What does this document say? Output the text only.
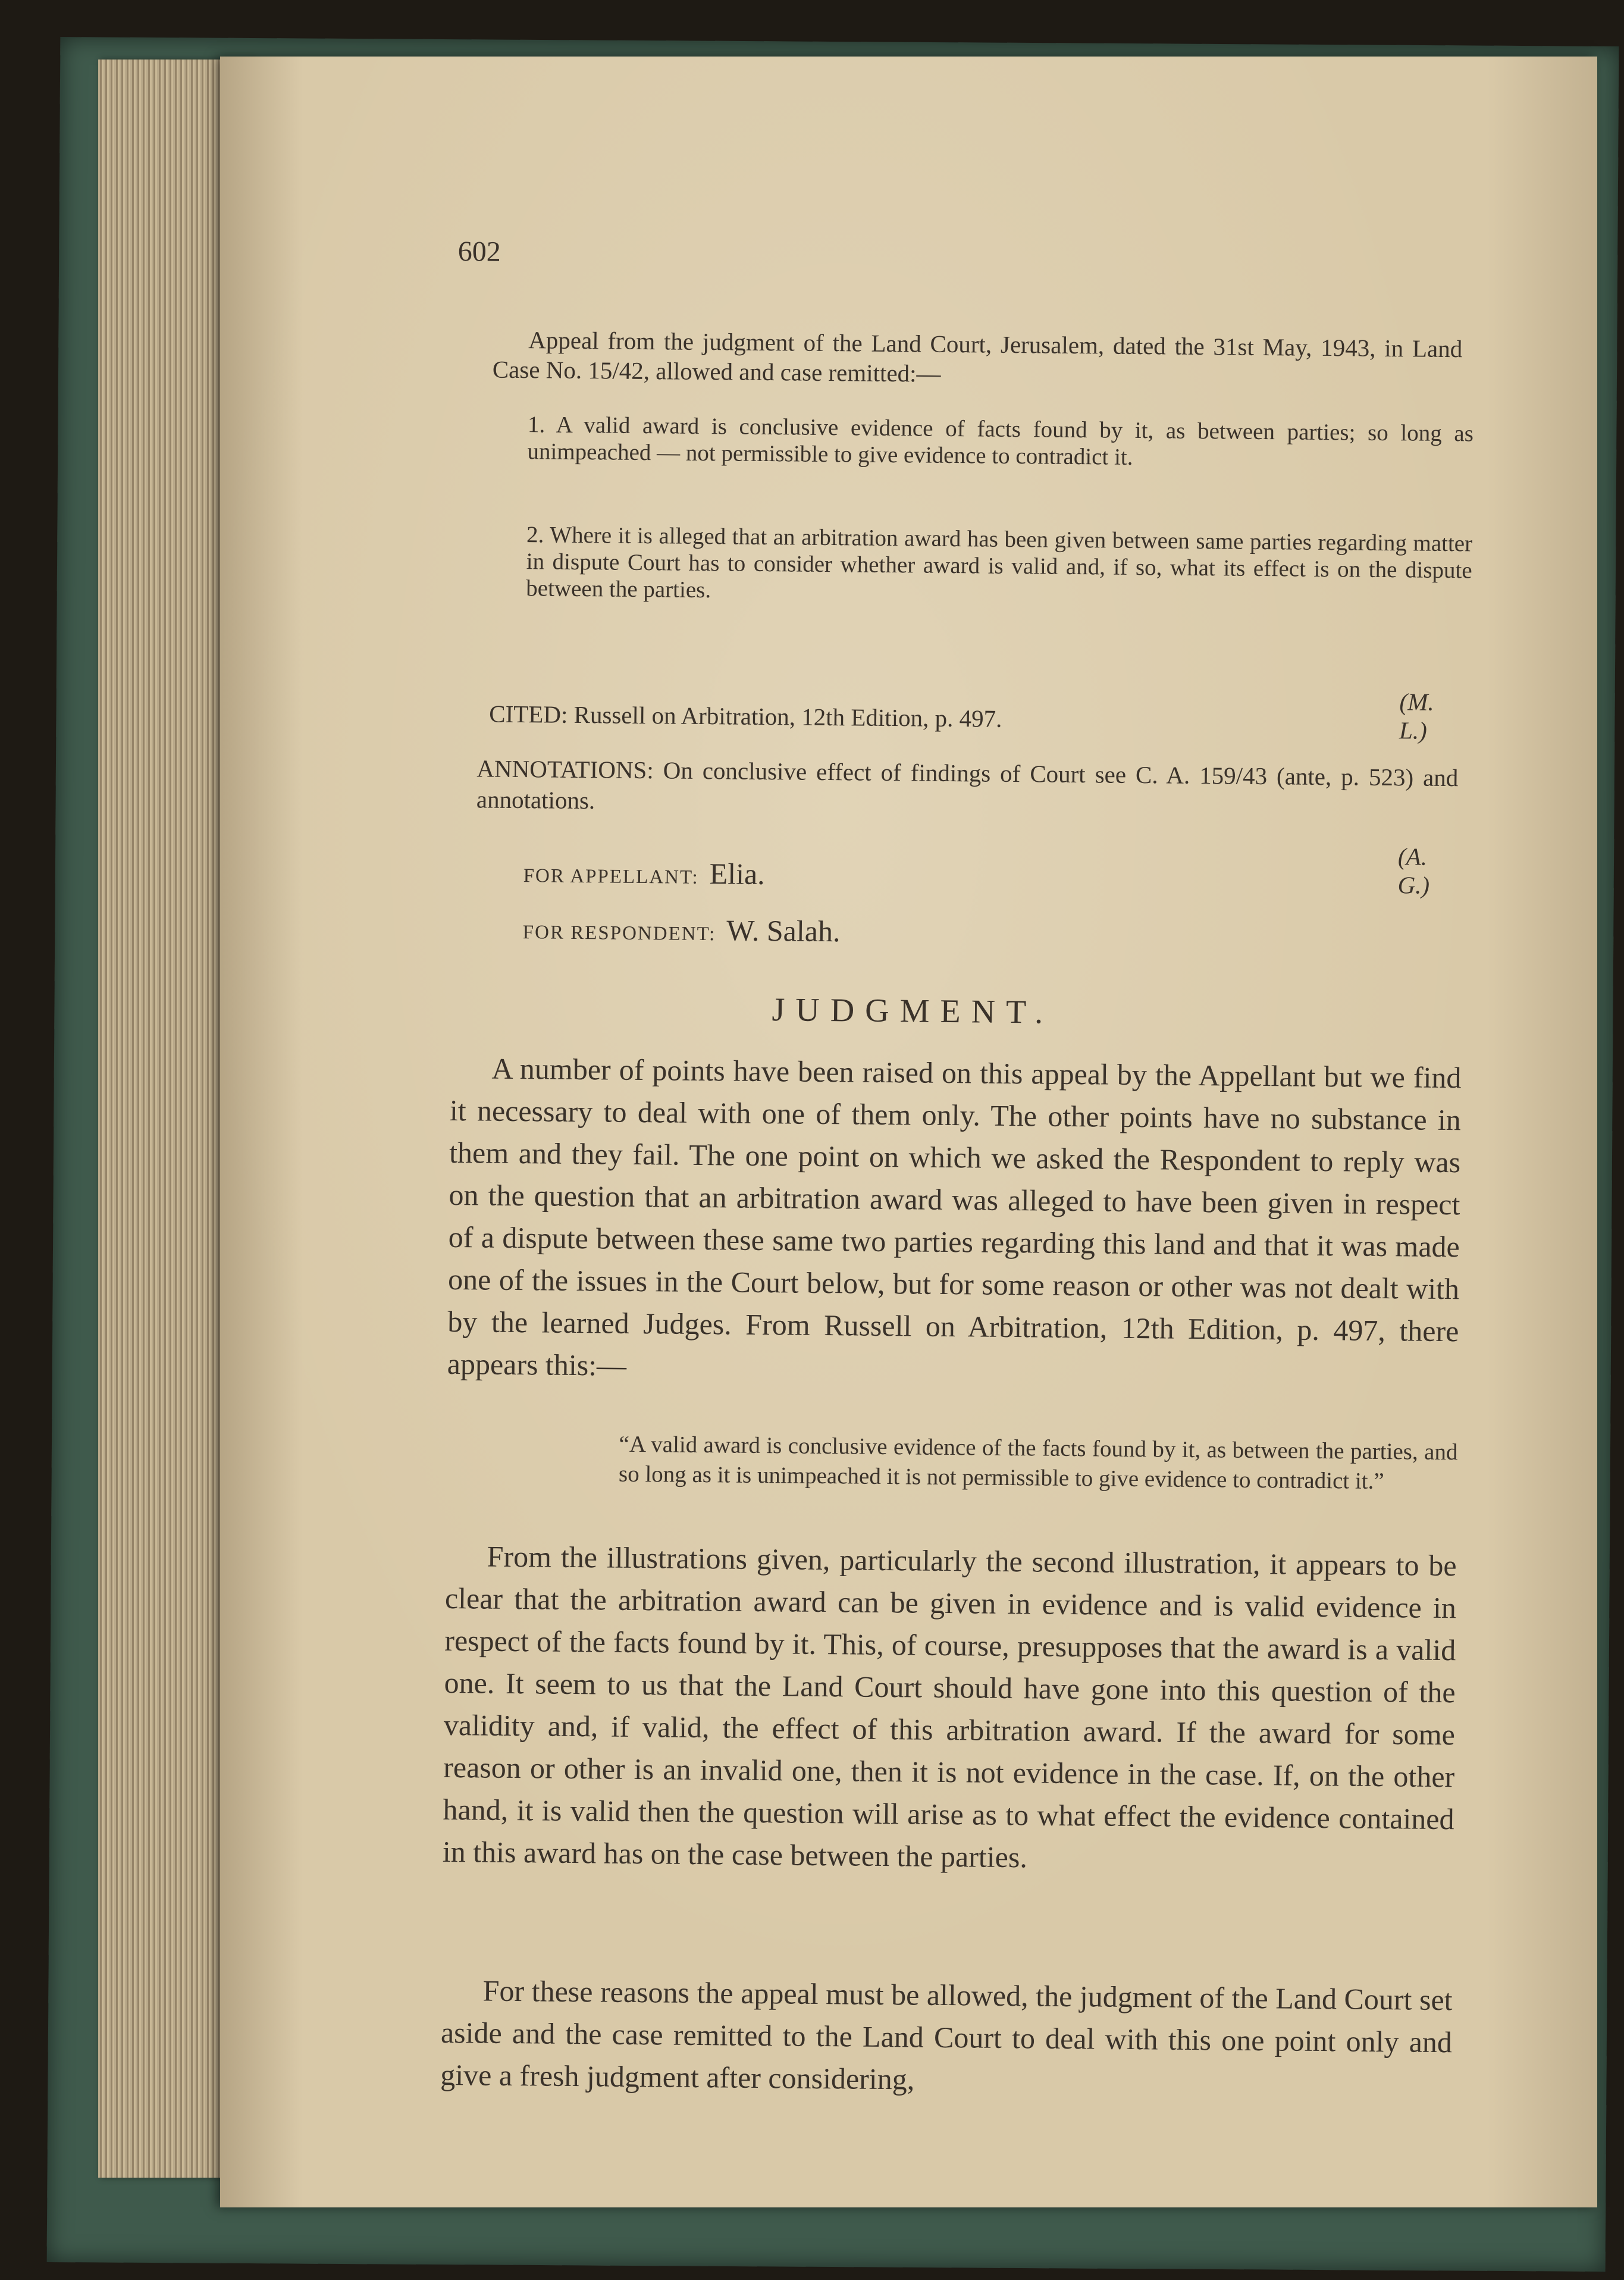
602
Appeal from the judgment of the Land Court, Jerusalem, dated the 31st May, 1943, in Land Case No. 15/42, allowed and case remitted:—
1. A valid award is conclusive evidence of facts found by it, as between parties; so long as unimpeached — not permissible to give evidence to contradict it.
2. Where it is alleged that an arbitration award has been given between same parties regarding matter in dispute Court has to consider whether award is valid and, if so, what its effect is on the dispute between the parties.
(M. L.)
CITED: Russell on Arbitration, 12th Edition, p. 497.
ANNOTATIONS: On conclusive effect of findings of Court see C. A. 159/43 (ante, p. 523) and annotations.
(A. G.)
FOR APPELLANT: Elia.
FOR RESPONDENT: W. Salah.
JUDGMENT.
A number of points have been raised on this appeal by the Appellant but we find it necessary to deal with one of them only. The other points have no substance in them and they fail. The one point on which we asked the Respondent to reply was on the question that an arbitration award was alleged to have been given in respect of a dispute between these same two parties regarding this land and that it was made one of the issues in the Court below, but for some reason or other was not dealt with by the learned Judges. From Russell on Arbitration, 12th Edition, p. 497, there appears this:—
“A valid award is conclusive evidence of the facts found by it, as between the parties, and so long as it is unimpeached it is not permissible to give evidence to contradict it.”
From the illustrations given, particularly the second illustration, it appears to be clear that the arbitration award can be given in evidence and is valid evidence in respect of the facts found by it. This, of course, presupposes that the award is a valid one. It seem to us that the Land Court should have gone into this question of the validity and, if valid, the effect of this arbitration award. If the award for some reason or other is an invalid one, then it is not evidence in the case. If, on the other hand, it is valid then the question will arise as to what effect the evidence contained in this award has on the case between the parties.
For these reasons the appeal must be allowed, the judgment of the Land Court set aside and the case remitted to the Land Court to deal with this one point only and give a fresh judgment after considering,
